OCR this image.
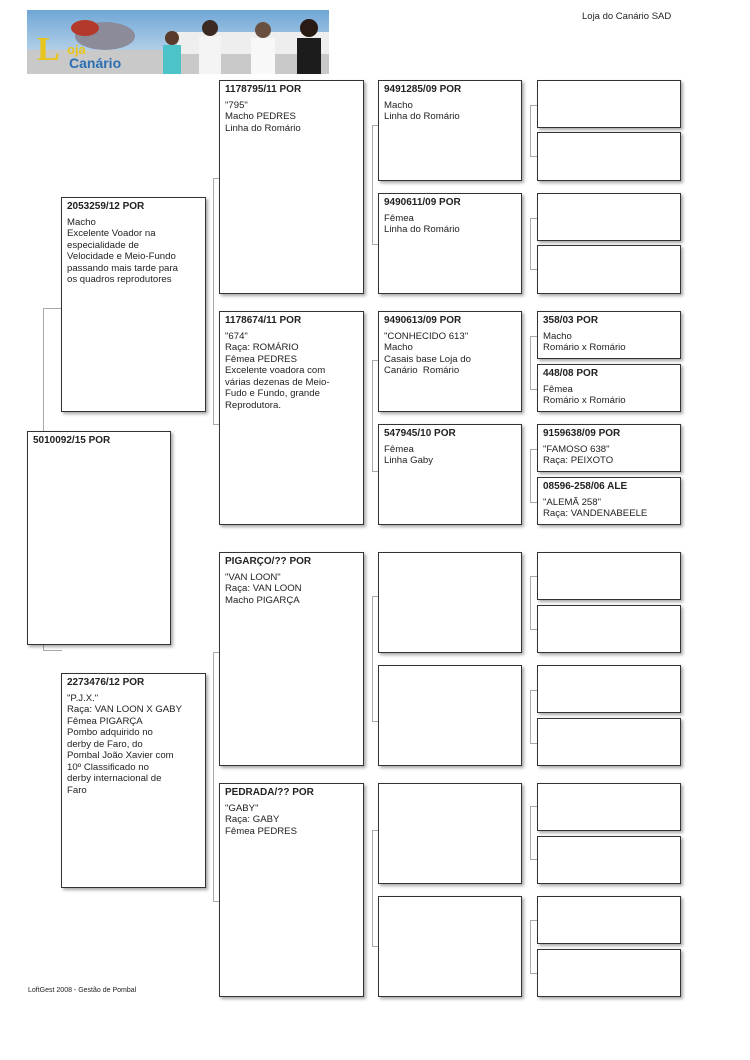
L oja
Canário
Loja do Canário SAD
5010092/15 POR
2053259/12 POR
Macho
Excelente Voador na especialidade de Velocidade e Meio-Fundo passando mais tarde para os quadros reprodutores
2273476/12 POR
"P.J.X."
Raça: VAN LOON X GABY
Fêmea PIGARÇA
Pombo adquirido no derby de Faro, do Pombal João Xavier com 10º Classificado no derby internacional de Faro
1178795/11 POR
"795"
Macho PEDRES
Linha do Romário
1178674/11 POR
"674"
Raça: ROMÁRIO
Fêmea PEDRES
Excelente voadora com várias dezenas de Meio-Fudo e Fundo, grande Reprodutora.
PIGARÇO/?? POR
"VAN LOON"
Raça: VAN LOON
Macho PIGARÇA
PEDRADA/?? POR
"GABY"
Raça: GABY
Fêmea PEDRES
9491285/09 POR
Macho
Linha do Romário
9490611/09 POR
Fêmea
Linha do Romário
9490613/09 POR
"CONHECIDO 613"
Macho
Casais base Loja do Canário  Romário
547945/10 POR
Fêmea
Linha Gaby
358/03 POR
Macho
Romário x Romário
448/08 POR
Fêmea
Romário x Romário
9159638/09 POR
"FAMOSO 638"
Raça: PEIXOTO
08596-258/06 ALE
"ALEMÃ 258"
Raça: VANDENABEELE
LoftGest 2008 - Gestão de Pombal
